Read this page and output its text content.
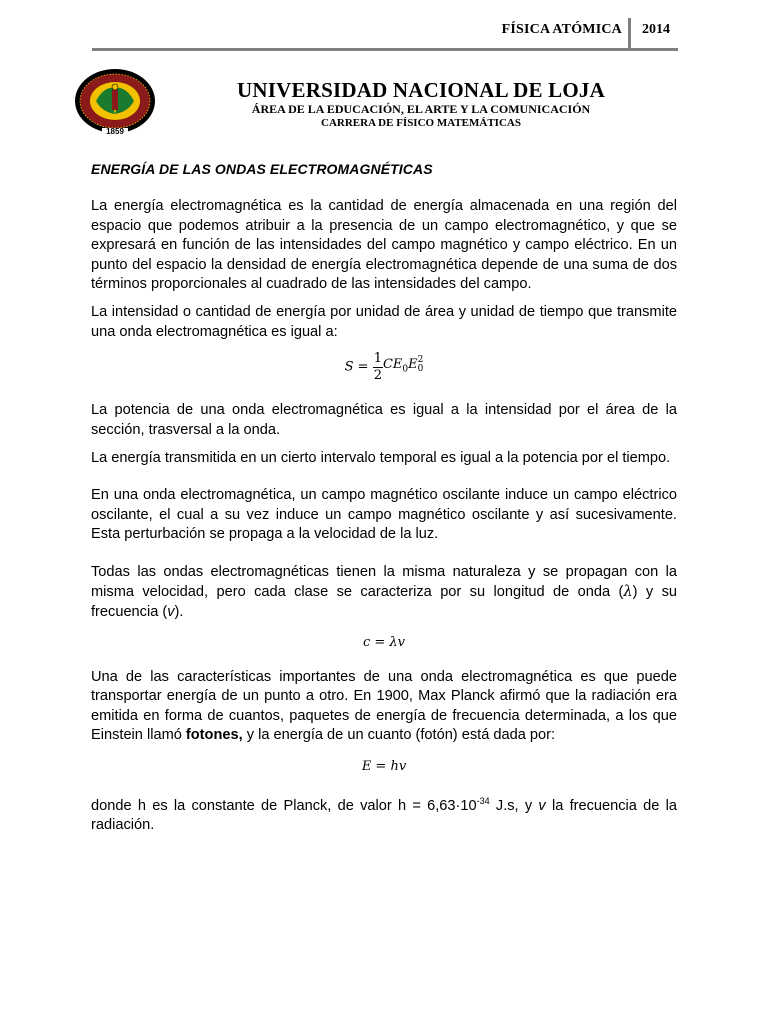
FÍSICA ATÓMICA 2014
1859
UNIVERSIDAD NACIONAL DE LOJA
ÁREA DE LA EDUCACIÓN, EL ARTE Y LA COMUNICACIÓN
CARRERA DE FÍSICO MATEMÁTICAS
ENERGÍA DE LAS ONDAS ELECTROMAGNÉTICAS

La energía electromagnética es la cantidad de energía almacenada en una región del espacio que podemos atribuir a la presencia de un campo electromagnético, y que se expresará en función de las intensidades del campo magnético y campo eléctrico. En un punto del espacio la densidad de energía electromagnética depende de una suma de dos términos proporcionales al cuadrado de las intensidades del campo.

La intensidad o cantidad de energía por unidad de área y unidad de tiempo que transmite una onda electromagnética es igual a:

$S = \frac{1}{2} CE_0E$ 2
0

La potencia de una onda electromagnética es igual a la intensidad por el área de la sección, trasversal a la onda.

La energía transmitida en un cierto intervalo temporal es igual a la potencia por el tiempo.

En una onda electromagnética, un campo magnético oscilante induce un campo eléctrico oscilante, el cual a su vez induce un campo magnético oscilante y así sucesivamente. Esta perturbación se propaga a la velocidad de la luz.

Todas las ondas electromagnéticas tienen la misma naturaleza y se propagan con la misma velocidad, pero cada clase se caracteriza por su longitud de onda (λ) y su frecuencia (v).

c = λv

Una de las características importantes de una onda electromagnética es que puede transportar energía de un punto a otro. En 1900, Max Planck afirmó que la radiación era emitida en forma de cuantos, paquetes de energía de frecuencia determinada, a los que Einstein llamó fotones, y la energía de un cuanto (fotón) está dada por:

E = hv

donde h es la constante de Planck, de valor $h = 6,63\cdot 10^{-34}$ J.s, y v la frecuencia de la radiación.
